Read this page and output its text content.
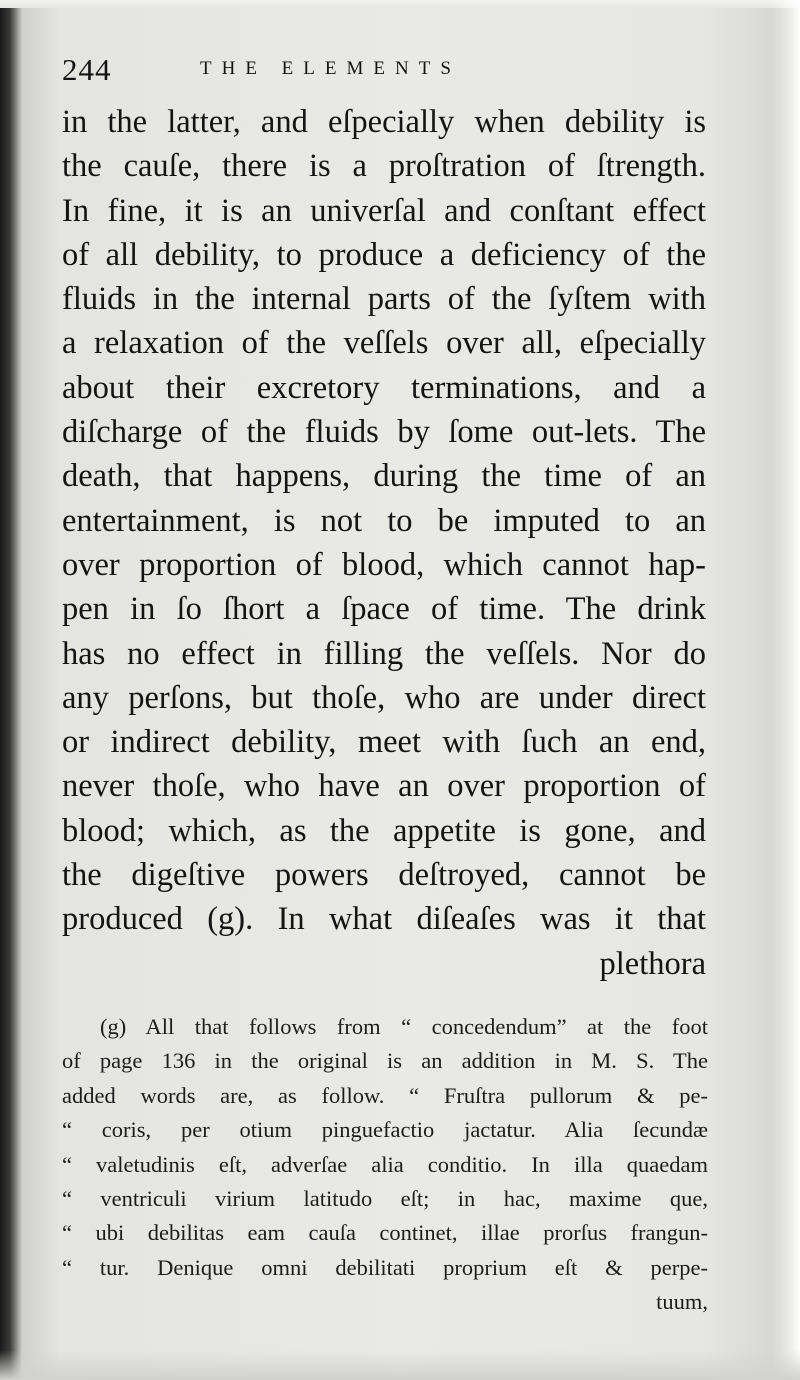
244	THE ELEMENTS
in the latter, and eſpecially when debility is
the cauſe, there is a proſtration of ſtrength.
In fine, it is an univerſal and conſtant effect
of all debility, to produce a deficiency of the
fluids in the internal parts of the ſyſtem with
a relaxation of the veſſels over all, eſpecially
about their excretory terminations, and a
diſcharge of the fluids by ſome out-lets. The
death, that happens, during the time of an
entertainment, is not to be imputed to an
over proportion of blood, which cannot hap-
pen in ſo ſhort a ſpace of time. The drink
has no effect in filling the veſſels. Nor do
any perſons, but thoſe, who are under direct
or indirect debility, meet with ſuch an end,
never thoſe, who have an over proportion of
blood; which, as the appetite is gone, and
the digeſtive powers deſtroyed, cannot be
produced (g). In what diſeaſes was it that
plethora
(g) All that follows from “ concedendum” at the foot
of page 136 in the original is an addition in M. S. The
added words are, as follow. “ Fruſtra pullorum & pe-
“ coris, per otium pinguefactio jactatur. Alia ſecundæ
“ valetudinis eſt, adverſae alia conditio. In illa quaedam
“ ventriculi virium latitudo eſt; in hac, maxime que,
“ ubi debilitas eam cauſa continet, illae prorſus frangun-
“ tur. Denique omni debilitati proprium eſt & perpe-
tuum,
